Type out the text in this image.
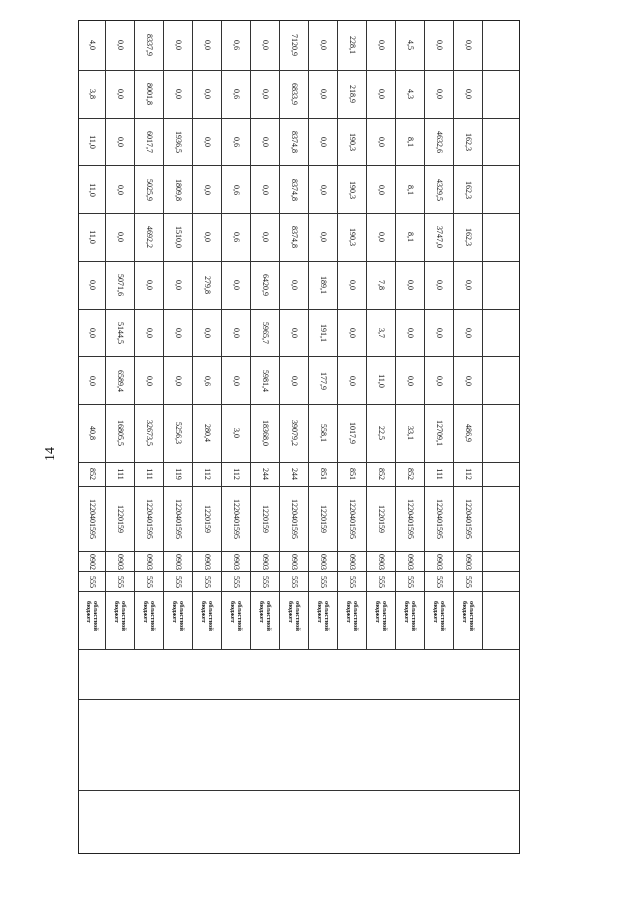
14
4,0 0,0	8337,9	0,0	0,0	0,6	0,0	7120,9	0,0	228,1	0,0	4,5	0,0	0,0
3,8 0,0	8001,8	0,0	0,0	0,6	0,0	6833,9	0,0	218,9	0,0	4,3	0,0	0,0
11,0 0,0	6017,7	1936,5	0,0	0,6	0,0	8374,8	0,0	190,3	0,0	8,1	4632,6	162,3
11,0 0,0	5025,9	1809,8	0,0	0,6	0,0	8374,8	0,0	190,3	0,0	8,1	4329,5	162,3
11,0 0,0	4692,2	1510,0	0,0	0,6	0,0	8374,8	0,0	190,3	0,0	8,1	3747,0	162,3
0,0 5071,6	0,0	0,0	279,8	0,0	6420,9	0,0	189,1	0,0	7,8	0,0	0,0	0,0
0,0 5144,5	0,0	0,0	0,0	0,0	5965,7	0,0	191,1	0,0	3,7	0,0	0,0	0,0
0,0 6589,4	0,0	0,0	0,6	0,0	5981,4	0,0	177,9	0,0	11,0	0,0	0,0	0,0
40,8 16805,5	32673,5	5256,3	280,4	3,0	18368,0	39079,2	558,1	1017,9	22,5	33,1	12709,1	486,9
852 111	111	119	112	112	244	244	851	851	852	852	111	112
1220401595 1220159	1220401595	1220401595	1220159	1220401595	1220159	1220401595	1220159	1220401595	1220159	1220401595	1220401595	1220401595
0902 0903	0903	0903	0903	0903	0903	0903	0903	0903	0903	0903	0903	0903
555 555	555	555	555	555	555	555	555	555	555	555	555	555
областной бюджет	областной бюджет	областной бюджет	областной бюджет	областной бюджет	областной бюджет	областной бюджет	областной бюджет	областной бюджет	областной бюджет	областной бюджет	областной бюджет	областной бюджет	областной бюджет
